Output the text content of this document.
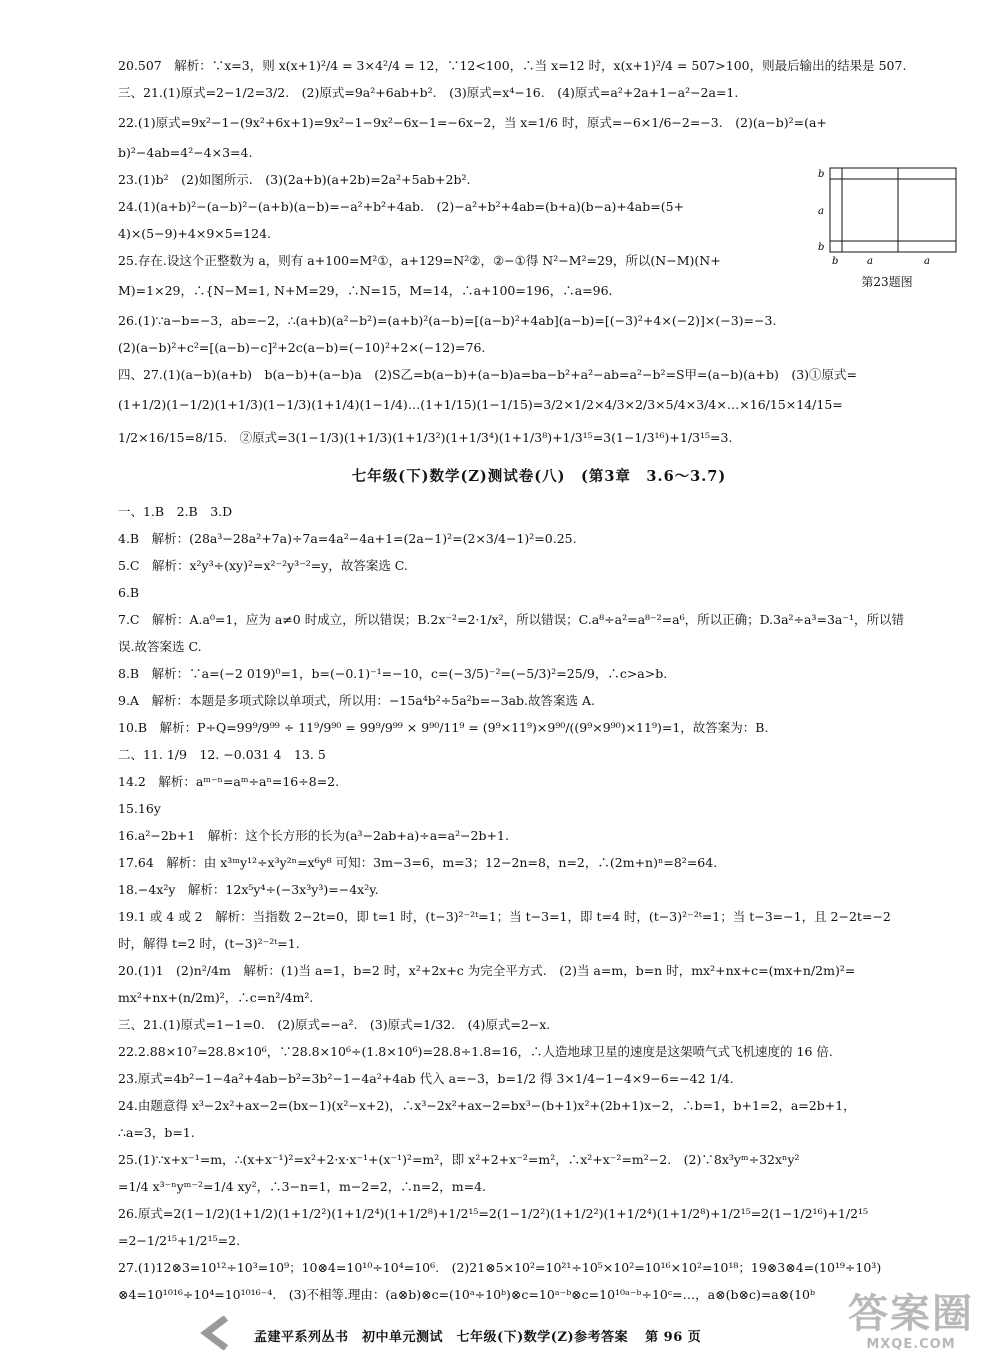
20.507　解析：∵x=3，则 x(x+1)²/4 = 3×4²/4 = 12，∵12<100，∴当 x=12 时，x(x+1)²/4 = 507>100，则最后输出的结果是 507.
三、21.(1)原式=2−1/2=3/2.　(2)原式=9a²+6ab+b².　(3)原式=x⁴−16.　(4)原式=a²+2a+1−a²−2a=1.
22.(1)原式=9x²−1−(9x²+6x+1)=9x²−1−9x²−6x−1=−6x−2，当 x=1/6 时，原式=−6×1/6−2=−3.　(2)(a−b)²=(a+
b)²−4ab=4²−4×3=4.
23.(1)b²　(2)如图所示.　(3)(2a+b)(a+2b)=2a²+5ab+2b².
24.(1)(a+b)²−(a−b)²−(a+b)(a−b)=−a²+b²+4ab.　(2)−a²+b²+4ab=(b+a)(b−a)+4ab=(5+
4)×(5−9)+4×9×5=124.
25.存在.设这个正整数为 a，则有 a+100=M²①，a+129=N²②，②−①得 N²−M²=29，所以(N−M)(N+
M)=1×29，∴{N−M=1, N+M=29，∴N=15，M=14，∴a+100=196，∴a=96.
26.(1)∵a−b=−3，ab=−2，∴(a+b)(a²−b²)=(a+b)²(a−b)=[(a−b)²+4ab](a−b)=[(−3)²+4×(−2)]×(−3)=−3.
(2)(a−b)²+c²=[(a−b)−c]²+2c(a−b)=(−10)²+2×(−12)=76.
四、27.(1)(a−b)(a+b)　b(a−b)+(a−b)a　(2)S乙=b(a−b)+(a−b)a=ba−b²+a²−ab=a²−b²=S甲=(a−b)(a+b)　(3)①原式=
(1+1/2)(1−1/2)(1+1/3)(1−1/3)(1+1/4)(1−1/4)…(1+1/15)(1−1/15)=3/2×1/2×4/3×2/3×5/4×3/4×…×16/15×14/15=
1/2×16/15=8/15.　②原式=3(1−1/3)(1+1/3)(1+1/3²)(1+1/3⁴)(1+1/3⁸)+1/3¹⁵=3(1−1/3¹⁶)+1/3¹⁵=3.
b
a
b
b	a	a
第23题图
七年级(下)数学(Z)测试卷(八)　(第3章　3.6～3.7)
一、1.B　2.B　3.D
4.B　解析：(28a³−28a²+7a)÷7a=4a²−4a+1=(2a−1)²=(2×3/4−1)²=0.25.
5.C　解析：x²y³÷(xy)²=x²⁻²y³⁻²=y，故答案选 C.
6.B
7.C　解析：A.a⁰=1，应为 a≠0 时成立，所以错误；B.2x⁻²=2·1/x²，所以错误；C.a⁸÷a²=a⁸⁻²=a⁶，所以正确；D.3a²÷a³=3a⁻¹，所以错
误.故答案选 C.
8.B　解析：∵a=(−2 019)⁰=1，b=(−0.1)⁻¹=−10，c=(−3/5)⁻²=(−5/3)²=25/9，∴c>a>b.
9.A　解析：本题是多项式除以单项式，所以用：−15a⁴b²÷5a²b=−3ab.故答案选 A.
10.B　解析：P÷Q=99⁹/9⁹⁹ ÷ 11⁹/9⁹⁰ = 99⁹/9⁹⁹ × 9⁹⁰/11⁹ = (9⁹×11⁹)×9⁹⁰/((9⁹×9⁹⁰)×11⁹)=1，故答案为：B.
二、11. 1/9　12. −0.031 4　13. 5
14.2　解析：aᵐ⁻ⁿ=aᵐ÷aⁿ=16÷8=2.
15.16y
16.a²−2b+1　解析：这个长方形的长为(a³−2ab+a)÷a=a²−2b+1.
17.64　解析：由 x³ᵐy¹²÷x³y²ⁿ=x⁶y⁸ 可知：3m−3=6，m=3；12−2n=8，n=2，∴(2m+n)ⁿ=8²=64.
18.−4x²y　解析：12x⁵y⁴÷(−3x³y³)=−4x²y.
19.1 或 4 或 2　解析：当指数 2−2t=0，即 t=1 时，(t−3)²⁻²ᵗ=1；当 t−3=1，即 t=4 时，(t−3)²⁻²ᵗ=1；当 t−3=−1，且 2−2t=−2
时，解得 t=2 时，(t−3)²⁻²ᵗ=1.
20.(1)1　(2)n²/4m　解析：(1)当 a=1，b=2 时，x²+2x+c 为完全平方式.　(2)当 a=m，b=n 时，mx²+nx+c=(mx+n/2m)²=
mx²+nx+(n/2m)²，∴c=n²/4m².
三、21.(1)原式=1−1=0.　(2)原式=−a².　(3)原式=1/32.　(4)原式=2−x.
22.2.88×10⁷=28.8×10⁶，∵28.8×10⁶÷(1.8×10⁶)=28.8÷1.8=16，∴人造地球卫星的速度是这架喷气式飞机速度的 16 倍.
23.原式=4b²−1−4a²+4ab−b²=3b²−1−4a²+4ab 代入 a=−3，b=1/2 得 3×1/4−1−4×9−6=−42 1/4.
24.由题意得 x³−2x²+ax−2=(bx−1)(x²−x+2)，∴x³−2x²+ax−2=bx³−(b+1)x²+(2b+1)x−2，∴b=1，b+1=2，a=2b+1，
∴a=3，b=1.
25.(1)∵x+x⁻¹=m，∴(x+x⁻¹)²=x²+2·x·x⁻¹+(x⁻¹)²=m²，即 x²+2+x⁻²=m²，∴x²+x⁻²=m²−2.　(2)∵8x³yᵐ÷32xⁿy²
=1/4 x³⁻ⁿyᵐ⁻²=1/4 xy²，∴3−n=1，m−2=2，∴n=2，m=4.
26.原式=2(1−1/2)(1+1/2)(1+1/2²)(1+1/2⁴)(1+1/2⁸)+1/2¹⁵=2(1−1/2²)(1+1/2²)(1+1/2⁴)(1+1/2⁸)+1/2¹⁵=2(1−1/2¹⁶)+1/2¹⁵
=2−1/2¹⁵+1/2¹⁵=2.
27.(1)12⊗3=10¹²÷10³=10⁹；10⊗4=10¹⁰÷10⁴=10⁶.　(2)21⊗5×10²=10²¹÷10⁵×10²=10¹⁶×10²=10¹⁸；19⊗3⊗4=(10¹⁹÷10³)
⊗4=10¹⁰¹⁶÷10⁴=10¹⁰¹⁶⁻⁴.　(3)不相等.理由：(a⊗b)⊗c=(10ᵃ÷10ᵇ)⊗c=10ᵃ⁻ᵇ⊗c=10¹⁰ᵃ⁻ᵇ÷10ᶜ=…，a⊗(b⊗c)=a⊗(10ᵇ
孟建平系列丛书　初中单元测试　七年级(下)数学(Z)参考答案 第 96 页
答案圈
MXQE.COM
